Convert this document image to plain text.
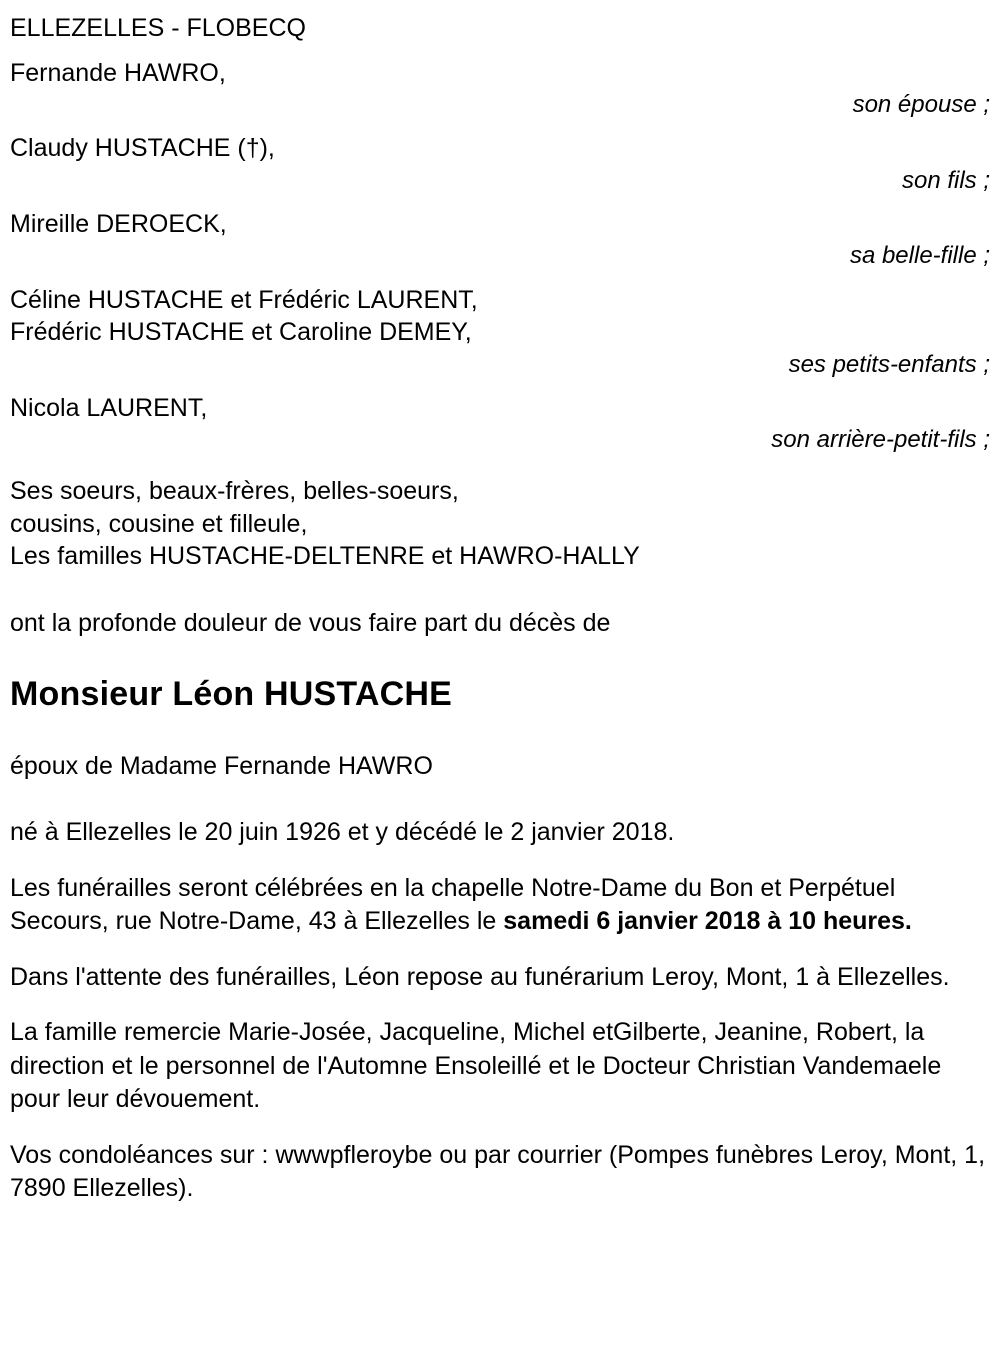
ELLEZELLES - FLOBECQ
Fernande HAWRO,
son épouse ;
Claudy HUSTACHE (†),
son fils ;
Mireille DEROECK,
sa belle-fille ;
Céline HUSTACHE et Frédéric LAURENT,
Frédéric HUSTACHE et Caroline DEMEY,
ses petits-enfants ;
Nicola LAURENT,
son arrière-petit-fils ;
Ses soeurs, beaux-frères, belles-soeurs,
cousins, cousine et filleule,
Les familles HUSTACHE-DELTENRE et HAWRO-HALLY
ont la profonde douleur de vous faire part du décès de
Monsieur Léon HUSTACHE
époux de Madame Fernande HAWRO

né à Ellezelles le 20 juin 1926 et y décédé le 2 janvier 2018.

Les funérailles seront célébrées en la chapelle Notre-Dame du Bon et Perpétuel Secours, rue Notre-Dame, 43 à Ellezelles le samedi 6 janvier 2018 à 10 heures.

Dans l'attente des funérailles, Léon repose au funérarium Leroy, Mont, 1 à Ellezelles.

La famille remercie Marie-Josée, Jacqueline, Michel etGilberte, Jeanine, Robert, la direction et le personnel de l'Automne Ensoleillé et le Docteur Christian Vandemaele pour leur dévouement.

Vos condoléances sur : wwwpfleroybe ou par courrier (Pompes funèbres Leroy, Mont, 1, 7890 Ellezelles).
